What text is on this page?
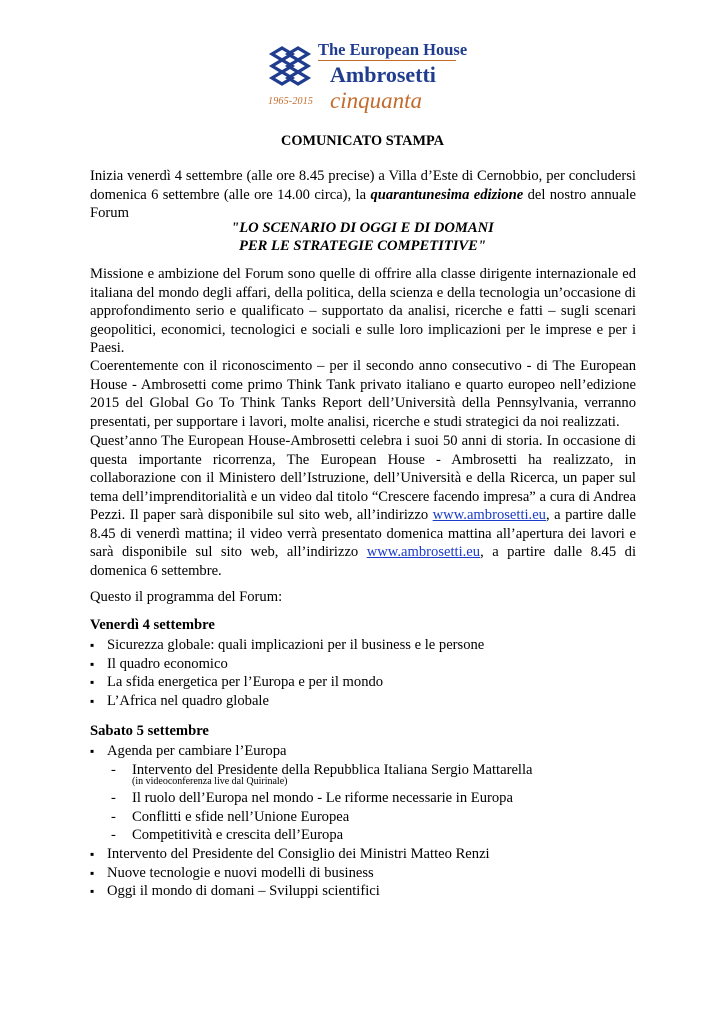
1965-2015
The European House
Ambrosetti
cinquanta
COMUNICATO STAMPA

Inizia venerdì 4 settembre (alle ore 8.45 precise) a Villa d’Este di Cernobbio, per concludersi domenica 6 settembre (alle ore 14.00 circa), la quarantunesima edizione del nostro annuale Forum

"LO SCENARIO DI OGGI E DI DOMANI
PER LE STRATEGIE COMPETITIVE"

Missione e ambizione del Forum sono quelle di offrire alla classe dirigente internazionale ed italiana del mondo degli affari, della politica, della scienza e della tecnologia un’occasione di approfondimento serio e qualificato – supportato da analisi, ricerche e fatti – sugli scenari geopolitici, economici, tecnologici e sociali e sulle loro implicazioni per le imprese e per i Paesi.

Coerentemente con il riconoscimento – per il secondo anno consecutivo - di The European House - Ambrosetti come primo Think Tank privato italiano e quarto europeo nell’edizione 2015 del Global Go To Think Tanks Report dell’Università della Pennsylvania, verranno presentati, per supportare i lavori, molte analisi, ricerche e studi strategici da noi realizzati.

Quest’anno The European House-Ambrosetti celebra i suoi 50 anni di storia. In occasione di questa importante ricorrenza, The European House - Ambrosetti ha realizzato, in collaborazione con il Ministero dell’Istruzione, dell’Università e della Ricerca, un paper sul tema dell’imprenditorialità e un video dal titolo “Crescere facendo impresa” a cura di Andrea Pezzi. Il paper sarà disponibile sul sito web, all’indirizzo www.ambrosetti.eu, a partire dalle 8.45 di venerdì mattina; il video verrà presentato domenica mattina all’apertura dei lavori e sarà disponibile sul sito web, all’indirizzo www.ambrosetti.eu, a partire dalle 8.45 di domenica 6 settembre.

Questo il programma del Forum:

Venerdì 4 settembre
▪ Sicurezza globale: quali implicazioni per il business e le persone
▪ Il quadro economico
▪ La sfida energetica per l’Europa e per il mondo
▪ L’Africa nel quadro globale
Sabato 5 settembre
▪ Agenda per cambiare l’Europa
- Intervento del Presidente della Repubblica Italiana Sergio Mattarella
(in videoconferenza live dal Quirinale)
- Il ruolo dell’Europa nel mondo - Le riforme necessarie in Europa
- Conflitti e sfide nell’Unione Europea
- Competitività e crescita dell’Europa
▪ Intervento del Presidente del Consiglio dei Ministri Matteo Renzi
▪ Nuove tecnologie e nuovi modelli di business
▪ Oggi il mondo di domani – Sviluppi scientifici
